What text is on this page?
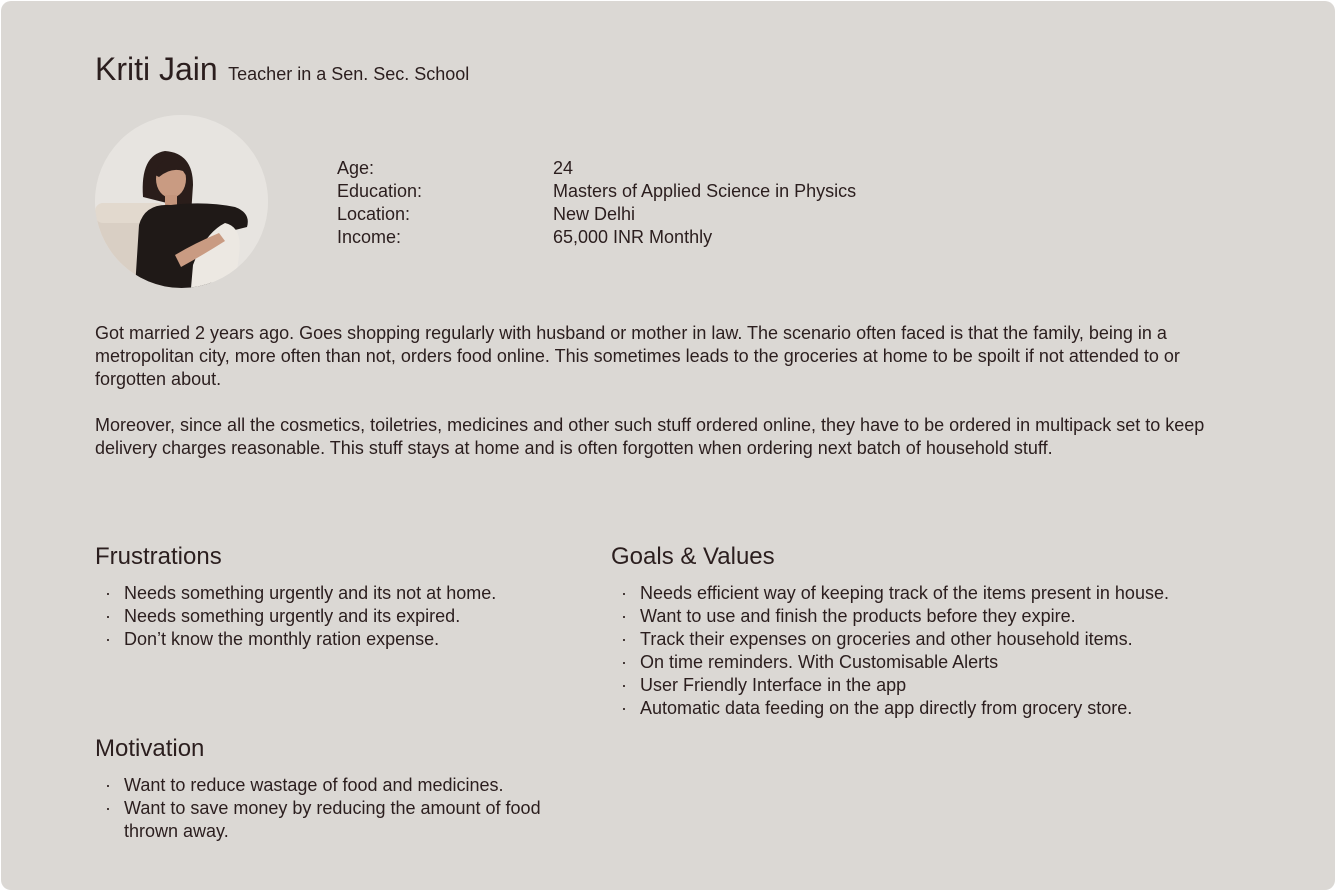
Kriti Jain Teacher in a Sen. Sec. School
Age:	24
Education:	Masters of Applied Science in Physics
Location:	New Delhi
Income:	65,000 INR Monthly

Got married 2 years ago. Goes shopping regularly with husband or mother in law. The scenario often faced is that the family, being in a metropolitan city, more often than not, orders food online. This sometimes leads to the groceries at home to be spoilt if not attended to or forgotten about.

Moreover, since all the cosmetics, toiletries, medicines and other such stuff ordered online, they have to be ordered in multipack set to keep delivery charges reasonable. This stuff stays at home and is often forgotten when ordering next batch of household stuff.

Frustrations
· Needs something urgently and its not at home.
· Needs something urgently and its expired.
· Don’t know the monthly ration expense.
Goals & Values
· Needs efficient way of keeping track of the items present in house.
· Want to use and finish the products before they expire.
· Track their expenses on groceries and other household items.
· On time reminders. With Customisable Alerts
· User Friendly Interface in the app
· Automatic data feeding on the app directly from grocery store.
Motivation
· Want to reduce wastage of food and medicines.
· Want to save money by reducing the amount of food thrown away.
